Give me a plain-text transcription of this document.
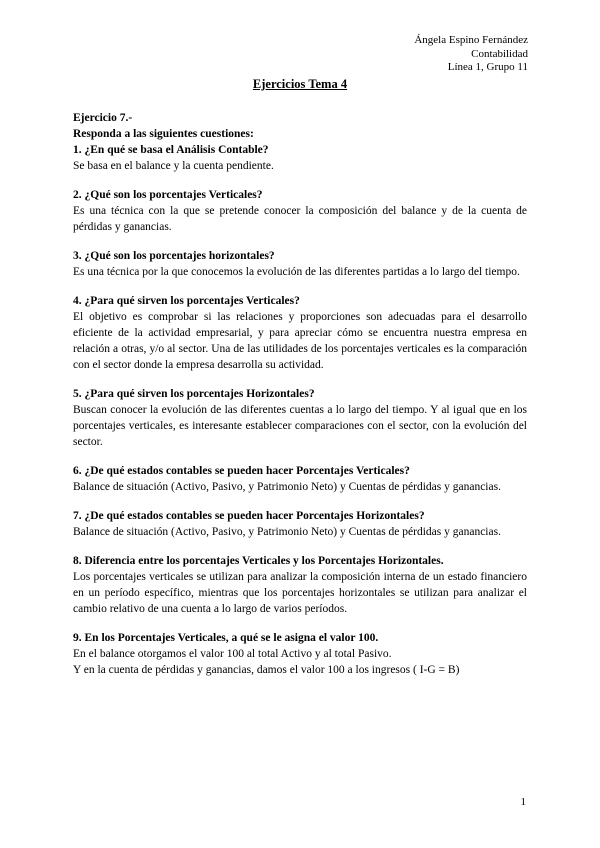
Ángela Espino Fernández
Contabilidad
Línea 1, Grupo 11
Ejercicios Tema 4

Ejercicio 7.-

Responda a las siguientes cuestiones:

1. ¿En qué se basa el Análisis Contable?

Se basa en el balance y la cuenta pendiente.

2. ¿Qué son los porcentajes Verticales?

Es una técnica con la que se pretende conocer la composición del balance y de la cuenta de pérdidas y ganancias.

3. ¿Qué son los porcentajes horizontales?

Es una técnica por la que conocemos la evolución de las diferentes partidas a lo largo del tiempo.

4. ¿Para qué sirven los porcentajes Verticales?

El objetivo es comprobar si las relaciones y proporciones son adecuadas para el desarrollo eficiente de la actividad empresarial, y para apreciar cómo se encuentra nuestra empresa en relación a otras, y/o al sector. Una de las utilidades de los porcentajes verticales es la comparación con el sector donde la empresa desarrolla su actividad.

5. ¿Para qué sirven los porcentajes Horizontales?

Buscan conocer la evolución de las diferentes cuentas a lo largo del tiempo. Y al igual que en los porcentajes verticales, es interesante establecer comparaciones con el sector, con la evolución del sector.

6. ¿De qué estados contables se pueden hacer Porcentajes Verticales?

Balance de situación (Activo, Pasivo, y Patrimonio Neto) y Cuentas de pérdidas y ganancias.

7. ¿De qué estados contables se pueden hacer Porcentajes Horizontales?

Balance de situación (Activo, Pasivo, y Patrimonio Neto) y Cuentas de pérdidas y ganancias.

8. Diferencia entre los porcentajes Verticales y los Porcentajes Horizontales.

Los porcentajes verticales se utilizan para analizar la composición interna de un estado financiero en un período específico, mientras que los porcentajes horizontales se utilizan para analizar el cambio relativo de una cuenta a lo largo de varios períodos.

9. En los Porcentajes Verticales, a qué se le asigna el valor 100.

En el balance otorgamos el valor 100 al total Activo y al total Pasivo.

Y en la cuenta de pérdidas y ganancias, damos el valor 100 a los ingresos ( I-G = B)

1
